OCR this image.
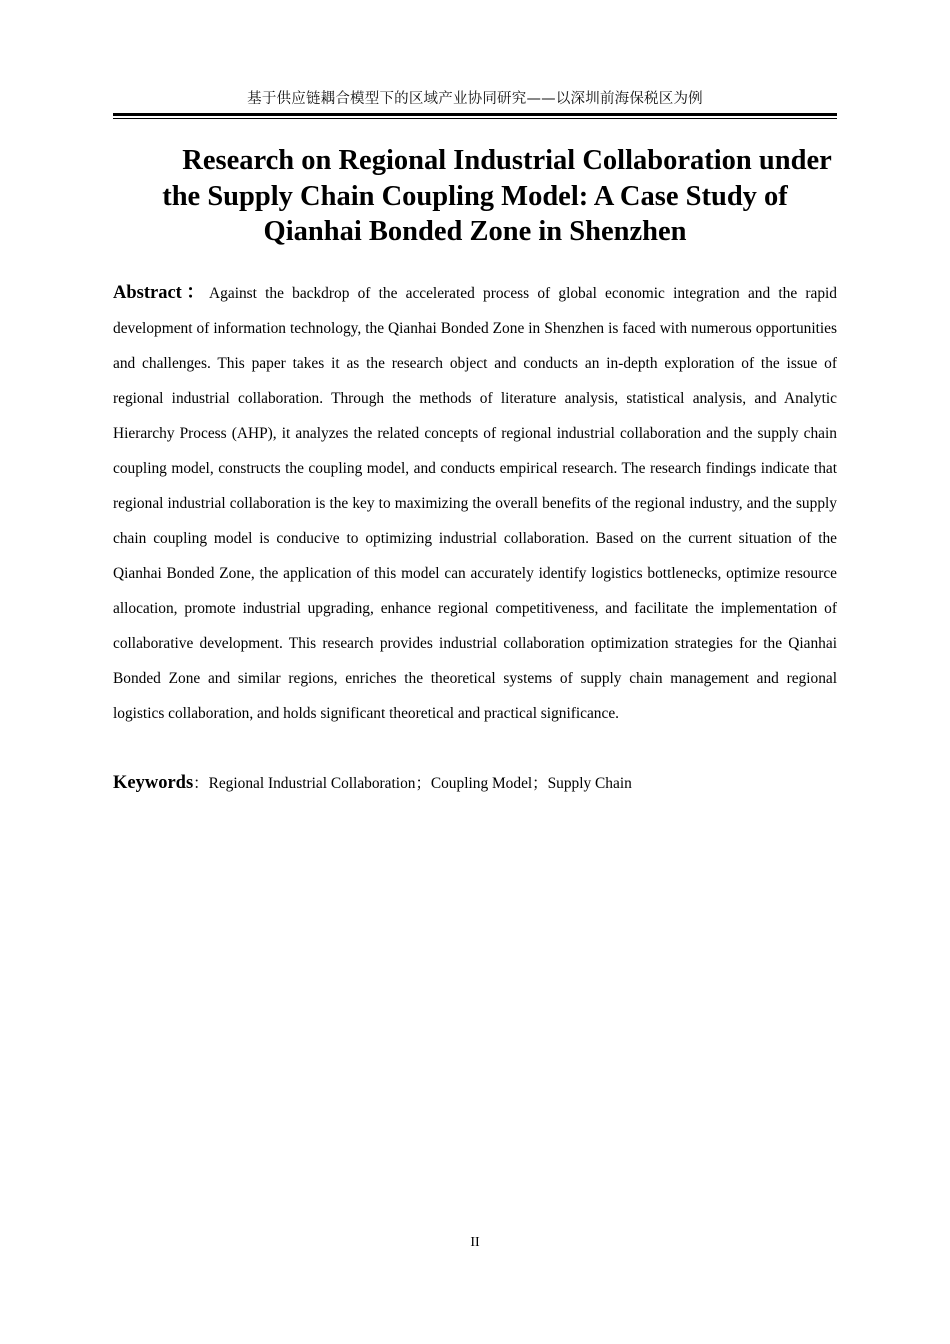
基于供应链耦合模型下的区域产业协同研究——以深圳前海保税区为例
Research on Regional Industrial Collaboration under the Supply Chain Coupling Model: A Case Study of Qianhai Bonded Zone in Shenzhen

Abstract：Against the backdrop of the accelerated process of global economic integration and the rapid development of information technology, the Qianhai Bonded Zone in Shenzhen is faced with numerous opportunities and challenges. This paper takes it as the research object and conducts an in-depth exploration of the issue of regional industrial collaboration. Through the methods of literature analysis, statistical analysis, and Analytic Hierarchy Process (AHP), it analyzes the related concepts of regional industrial collaboration and the supply chain coupling model, constructs the coupling model, and conducts empirical research. The research findings indicate that regional industrial collaboration is the key to maximizing the overall benefits of the regional industry, and the supply chain coupling model is conducive to optimizing industrial collaboration. Based on the current situation of the Qianhai Bonded Zone, the application of this model can accurately identify logistics bottlenecks, optimize resource allocation, promote industrial upgrading, enhance regional competitiveness, and facilitate the implementation of collaborative development. This research provides industrial collaboration optimization strategies for the Qianhai Bonded Zone and similar regions, enriches the theoretical systems of supply chain management and regional logistics collaboration, and holds significant theoretical and practical significance.

Keywords：Regional Industrial Collaboration；Coupling Model；Supply Chain

II
